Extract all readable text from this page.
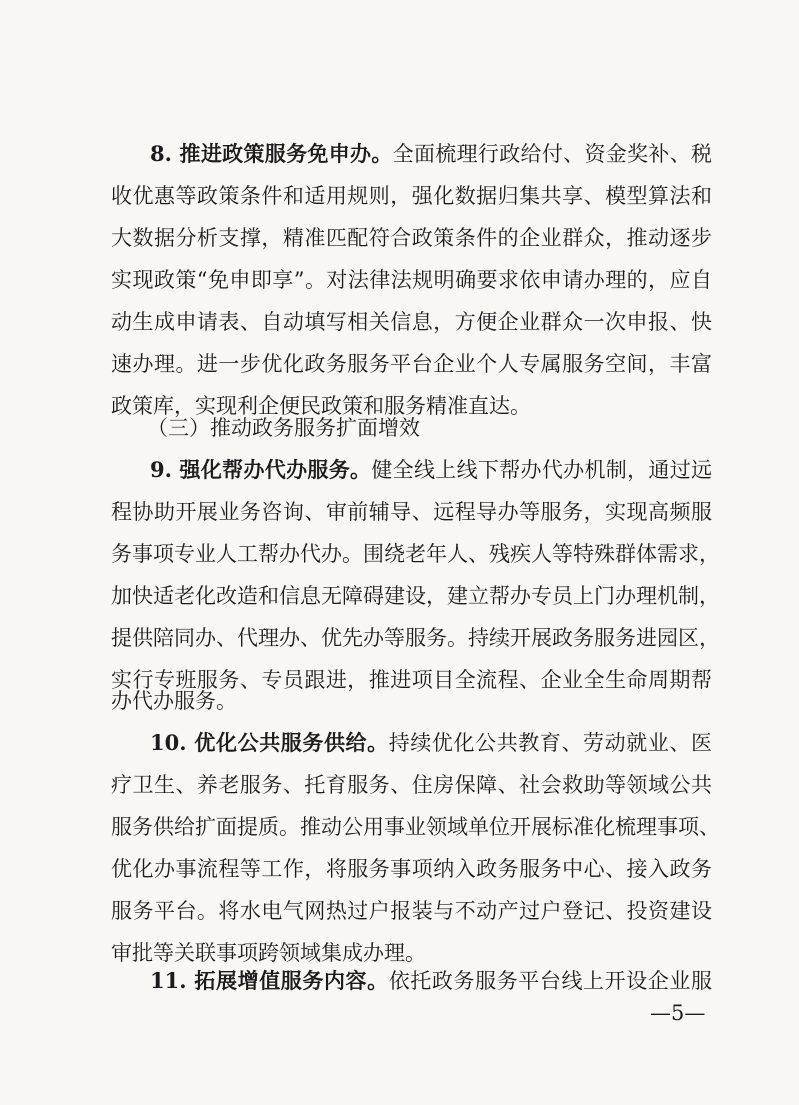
8. 推进政策服务免申办。全面梳理行政给付、资金奖补、税
收优惠等政策条件和适用规则，强化数据归集共享、模型算法和
大数据分析支撑，精准匹配符合政策条件的企业群众，推动逐步
实现政策“免申即享”。对法律法规明确要求依申请办理的，应自
动生成申请表、自动填写相关信息，方便企业群众一次申报、快
速办理。进一步优化政务服务平台企业个人专属服务空间，丰富
政策库，实现利企便民政策和服务精准直达。
（三）推动政务服务扩面增效
9. 强化帮办代办服务。健全线上线下帮办代办机制，通过远
程协助开展业务咨询、审前辅导、远程导办等服务，实现高频服
务事项专业人工帮办代办。围绕老年人、残疾人等特殊群体需求，
加快适老化改造和信息无障碍建设，建立帮办专员上门办理机制，
提供陪同办、代理办、优先办等服务。持续开展政务服务进园区，
实行专班服务、专员跟进，推进项目全流程、企业全生命周期帮
办代办服务。
10. 优化公共服务供给。持续优化公共教育、劳动就业、医
疗卫生、养老服务、托育服务、住房保障、社会救助等领域公共
服务供给扩面提质。推动公用事业领域单位开展标准化梳理事项、
优化办事流程等工作，将服务事项纳入政务服务中心、接入政务
服务平台。将水电气网热过户报装与不动产过户登记、投资建设
审批等关联事项跨领域集成办理。
11. 拓展增值服务内容。依托政务服务平台线上开设企业服
—5—
